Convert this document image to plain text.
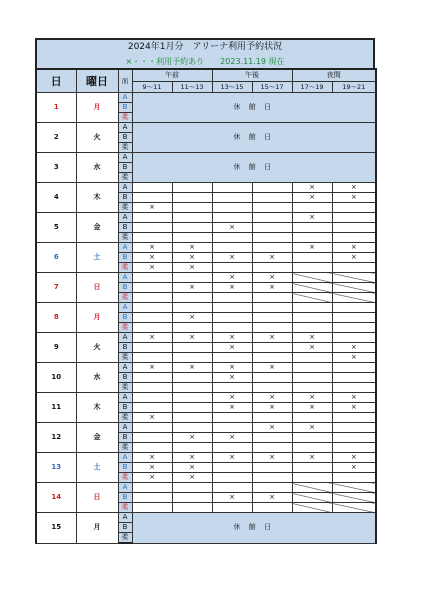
2024年1月分　アリーナ利用予約状況
×・・・利用予約あり　　2023.11.19 現在
日	曜日	面	午前		午後		夜間	
			9～11	11～13	13～15	15～17	17～19	19～21
1	月	A	休 館 日					
		B						
		柔						
2	火	A	休 館 日					
		B						
		柔						
3	水	A	休 館 日					
		B						
		柔						
4	木	A					×	×
		B					×	×
		柔	×					
5	金	A					×	
		B			×			
		柔						
6	土	A	×	×			×	×
		B	×	×	×	×		×
		柔	×	×				
7	日	A			×	×		
		B		×	×	×		
		柔						
8	月	A						
		B		×				
		柔						
9	火	A	×	×	×	×	×	
		B			×		×	×
		柔						×
10	水	A	×	×	×	×		
		B			×			
		柔						
11	木	A			×	×	×	×
		B			×	×	×	×
		柔	×					
12	金	A				×	×	
		B		×	×			
		柔						
13	土	A	×	×	×	×	×	×
		B	×	×				×
		柔	×	×				
14	日	A						
		B			×	×		
		柔						
15	月	A	休 館 日					
		B						
		柔						
